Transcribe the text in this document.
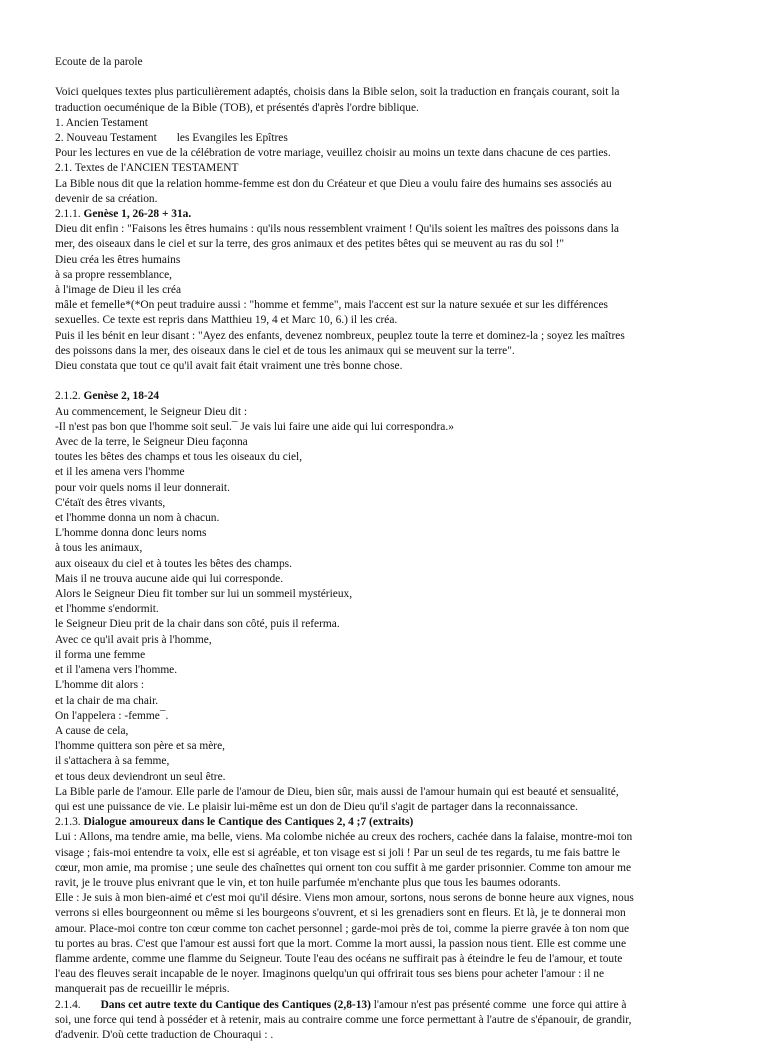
Ecoute de la parole
Voici quelques textes plus particulièrement adaptés, choisis dans la Bible selon, soit la traduction en français courant, soit la
traduction oecuménique de la Bible (TOB), et présentés d'après l'ordre biblique.
1. Ancien Testament
2. Nouveau Testament       les Evangiles les Epîtres
Pour les lectures en vue de la célébration de votre mariage, veuillez choisir au moins un texte dans chacune de ces parties.
2.1. Textes de l'ANCIEN TESTAMENT
La Bible nous dit que la relation homme-femme est don du Créateur et que Dieu a voulu faire des humains ses associés au
devenir de sa création.
2.1.1. Genèse 1, 26-28 + 31a.
Dieu dit enfin : "Faisons les êtres humains : qu'ils nous ressemblent vraiment ! Qu'ils soient les maîtres des poissons dans la
mer, des oiseaux dans le ciel et sur la terre, des gros animaux et des petites bêtes qui se meuvent au ras du sol !"
Dieu créa les êtres humains
à sa propre ressemblance,
à l'image de Dieu il les créa
mâle et femelle*(*On peut traduire aussi : "homme et femme", mais l'accent est sur la nature sexuée et sur les différences
sexuelles. Ce texte est repris dans Matthieu 19, 4 et Marc 10, 6.) il les créa.
Puis il les bénit en leur disant : "Ayez des enfants, devenez nombreux, peuplez toute la terre et dominez-la ; soyez les maîtres
des poissons dans la mer, des oiseaux dans le ciel et de tous les animaux qui se meuvent sur la terre".
Dieu constata que tout ce qu'il avait fait était vraiment une très bonne chose.
2.1.2. Genèse 2, 18-24
Au commencement, le Seigneur Dieu dit :
-Il n'est pas bon que l'homme soit seul.¯ Je vais lui faire une aide qui lui correspondra.»
Avec de la terre, le Seigneur Dieu façonna
toutes les bêtes des champs et tous les oiseaux du ciel,
et il les amena vers l'homme
pour voir quels noms il leur donnerait.
C'étaït des êtres vivants,
et l'homme donna un nom à chacun.
L'homme donna donc leurs noms
à tous les animaux,
aux oiseaux du ciel et à toutes les bêtes des champs.
Mais il ne trouva aucune aide qui lui corresponde.
Alors le Seigneur Dieu fit tomber sur lui un sommeil mystérieux,
et l'homme s'endormit.
le Seigneur Dieu prit de la chair dans son côté, puis il referma.
Avec ce qu'il avait pris à l'homme,
il forma une femme
et il l'amena vers l'homme.
L'homme dit alors :
et la chair de ma chair.
On l'appelera : -femme¯.
A cause de cela,
l'homme quittera son père et sa mère,
il s'attachera à sa femme,
et tous deux deviendront un seul être.
La Bible parle de l'amour. Elle parle de l'amour de Dieu, bien sûr, mais aussi de l'amour humain qui est beauté et sensualité,
qui est une puissance de vie. Le plaisir lui-même est un don de Dieu qu'il s'agit de partager dans la reconnaissance.
2.1.3. Dialogue amoureux dans le Cantique des Cantiques 2, 4 ;7 (extraits)
Lui : Allons, ma tendre amie, ma belle, viens. Ma colombe nichée au creux des rochers, cachée dans la falaise, montre-moi ton
visage ; fais-moi entendre ta voix, elle est si agréable, et ton visage est si joli ! Par un seul de tes regards, tu me fais battre le
cœur, mon amie, ma promise ; une seule des chaînettes qui ornent ton cou suffit à me garder prisonnier. Comme ton amour me
ravit, je le trouve plus enivrant que le vin, et ton huile parfumée m'enchante plus que tous les baumes odorants.
Elle : Je suis à mon bien-aimé et c'est moi qu'il désire. Viens mon amour, sortons, nous serons de bonne heure aux vignes, nous
verrons si elles bourgeonnent ou même si les bourgeons s'ouvrent, et si les grenadiers sont en fleurs. Et là, je te donnerai mon
amour. Place-moi contre ton cœur comme ton cachet personnel ; garde-moi près de toi, comme la pierre gravée à ton nom que
tu portes au bras. C'est que l'amour est aussi fort que la mort. Comme la mort aussi, la passion nous tient. Elle est comme une
flamme ardente, comme une flamme du Seigneur. Toute l'eau des océans ne suffirait pas à éteindre le feu de l'amour, et toute
l'eau des fleuves serait incapable de le noyer. Imaginons quelqu'un qui offrirait tous ses biens pour acheter l'amour : il ne
manquerait pas de recueillir le mépris.
2.1.4.       Dans cet autre texte du Cantique des Cantiques (2,8-13) l'amour n'est pas présenté comme  une force qui attire à
soi, une force qui tend à posséder et à retenir, mais au contraire comme une force permettant à l'autre de s'épanouir, de grandir,
d'advenir. D'où cette traduction de Chouraqui : .
